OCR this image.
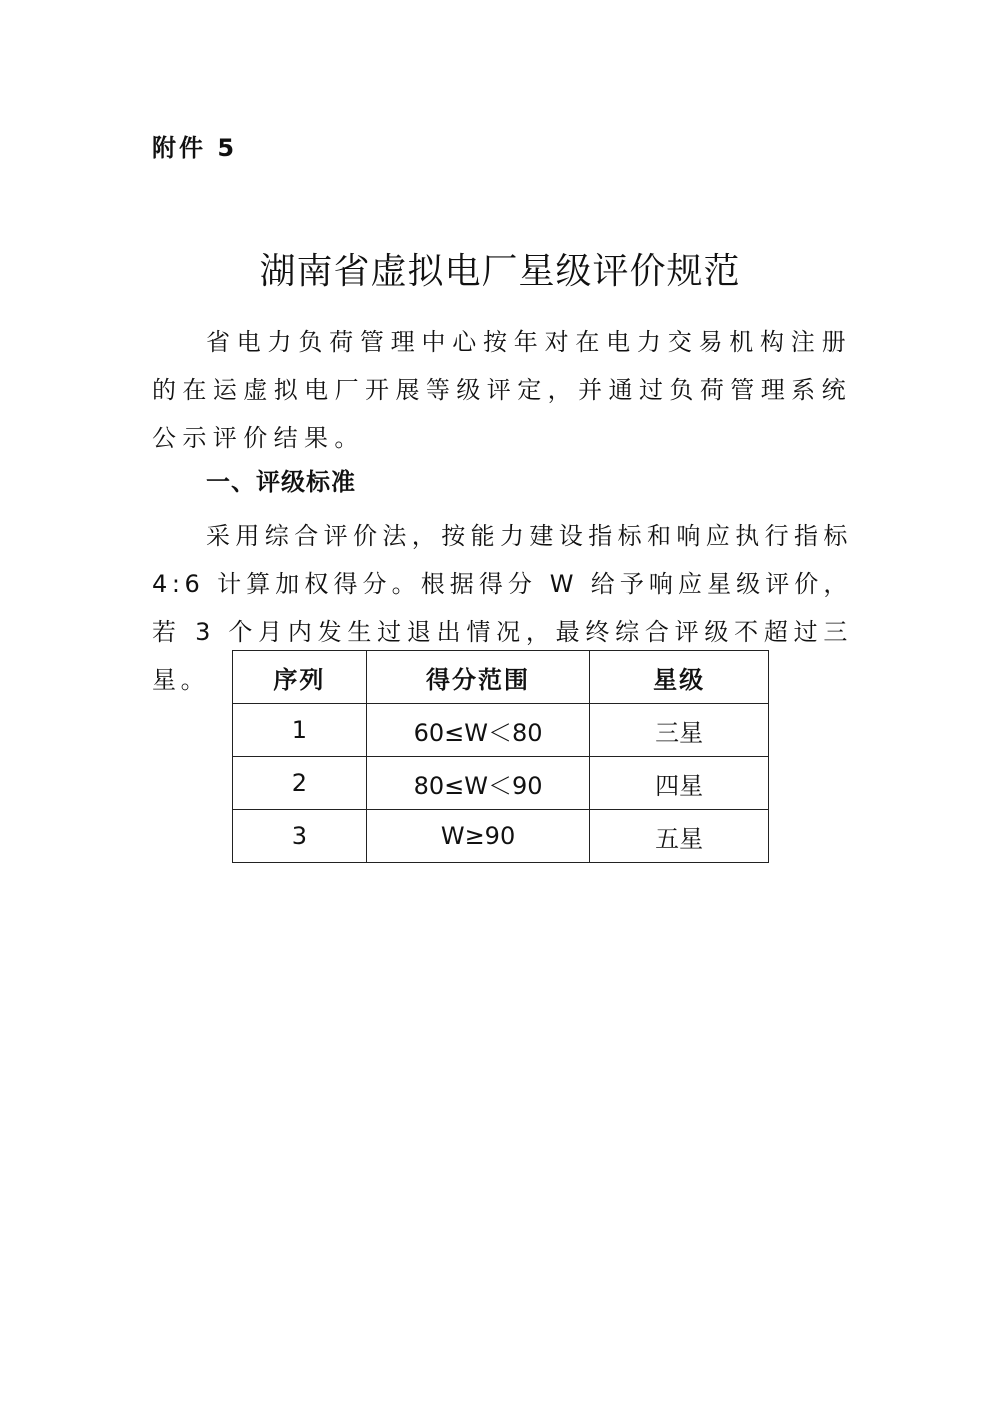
附件 5
湖南省虚拟电厂星级评价规范

省电力负荷管理中心按年对在电力交易机构注册的在运虚拟电厂开展等级评定，并通过负荷管理系统公示评价结果。

一、评级标准

采用综合评价法，按能力建设指标和响应执行指标 4:6 计算加权得分。根据得分 W 给予响应星级评价，若 3 个月内发生过退出情况，最终综合评级不超过三星。	序列	得分范围	星级
1	60≤W＜80	三星
2	80≤W＜90	四星
3	W≥90	五星
